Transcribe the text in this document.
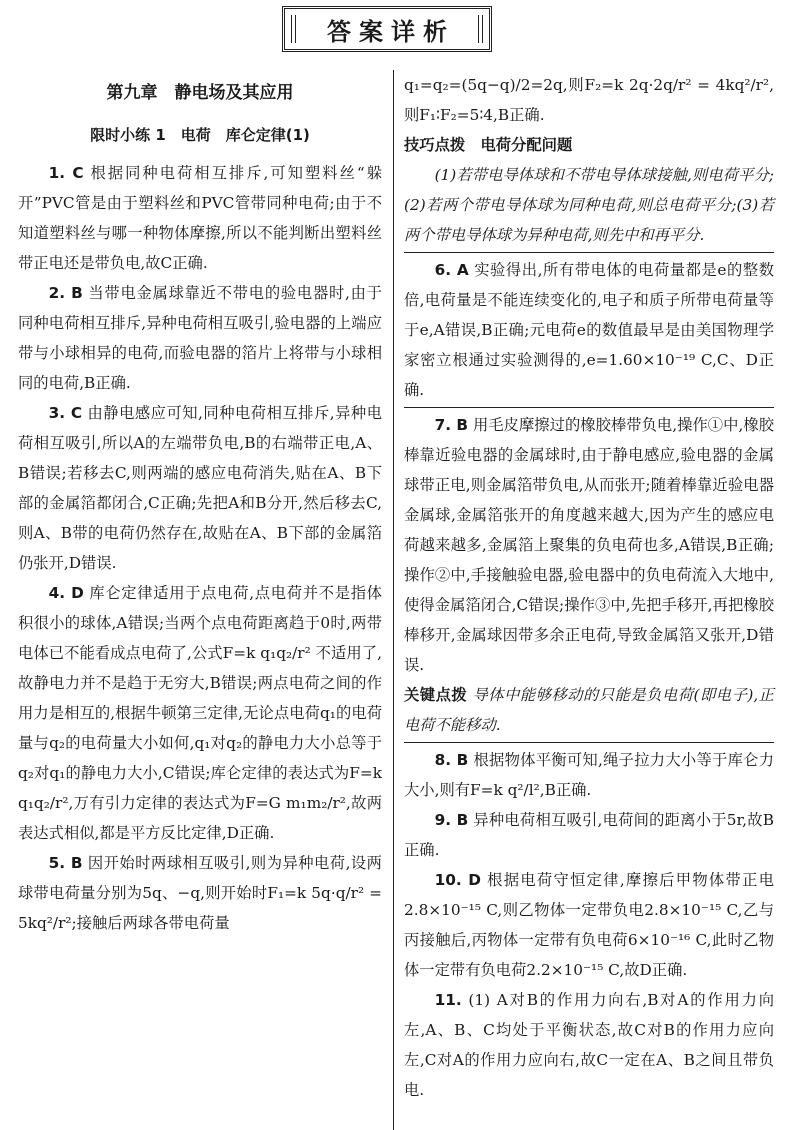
答案详析
第九章　静电场及其应用
限时小练 1　电荷　库仑定律(1)

1. C 根据同种电荷相互排斥,可知塑料丝“躲开”PVC管是由于塑料丝和PVC管带同种电荷;由于不知道塑料丝与哪一种物体摩擦,所以不能判断出塑料丝带正电还是带负电,故C正确.

2. B 当带电金属球靠近不带电的验电器时,由于同种电荷相互排斥,异种电荷相互吸引,验电器的上端应带与小球相异的电荷,而验电器的箔片上将带与小球相同的电荷,B正确.

3. C 由静电感应可知,同种电荷相互排斥,异种电荷相互吸引,所以A的左端带负电,B的右端带正电,A、B错误;若移去C,则两端的感应电荷消失,贴在A、B下部的金属箔都闭合,C正确;先把A和B分开,然后移去C,则A、B带的电荷仍然存在,故贴在A、B下部的金属箔仍张开,D错误.

4. D 库仑定律适用于点电荷,点电荷并不是指体积很小的球体,A错误;当两个点电荷距离趋于0时,两带电体已不能看成点电荷了,公式F=k q₁q₂/r² 不适用了,故静电力并不是趋于无穷大,B错误;两点电荷之间的作用力是相互的,根据牛顿第三定律,无论点电荷q₁的电荷量与q₂的电荷量大小如何,q₁对q₂的静电力大小总等于q₂对q₁的静电力大小,C错误;库仑定律的表达式为F=k q₁q₂/r²,万有引力定律的表达式为F=G m₁m₂/r²,故两表达式相似,都是平方反比定律,D正确.

5. B 因开始时两球相互吸引,则为异种电荷,设两球带电荷量分别为5q、−q,则开始时F₁=k 5q·q/r² = 5kq²/r²;接触后两球各带电荷量

q₁=q₂=(5q−q)/2=2q,则F₂=k 2q·2q/r² = 4kq²/r²,则F₁∶F₂=5∶4,B正确.

技巧点拨　电荷分配问题

(1)若带电导体球和不带电导体球接触,则电荷平分;(2)若两个带电导体球为同种电荷,则总电荷平分;(3)若两个带电导体球为异种电荷,则先中和再平分.

6. A 实验得出,所有带电体的电荷量都是e的整数倍,电荷量是不能连续变化的,电子和质子所带电荷量等于e,A错误,B正确;元电荷e的数值最早是由美国物理学家密立根通过实验测得的,e=1.60×10⁻¹⁹ C,C、D正确.

7. B 用毛皮摩擦过的橡胶棒带负电,操作①中,橡胶棒靠近验电器的金属球时,由于静电感应,验电器的金属球带正电,则金属箔带负电,从而张开;随着棒靠近验电器金属球,金属箔张开的角度越来越大,因为产生的感应电荷越来越多,金属箔上聚集的负电荷也多,A错误,B正确;操作②中,手接触验电器,验电器中的负电荷流入大地中,使得金属箔闭合,C错误;操作③中,先把手移开,再把橡胶棒移开,金属球因带多余正电荷,导致金属箔又张开,D错误.

关键点拨 导体中能够移动的只能是负电荷(即电子),正电荷不能移动.

8. B 根据物体平衡可知,绳子拉力大小等于库仑力大小,则有F=k q²/l²,B正确.

9. B 异种电荷相互吸引,电荷间的距离小于5r,故B正确.

10. D 根据电荷守恒定律,摩擦后甲物体带正电2.8×10⁻¹⁵ C,则乙物体一定带负电2.8×10⁻¹⁵ C,乙与丙接触后,丙物体一定带有负电荷6×10⁻¹⁶ C,此时乙物体一定带有负电荷2.2×10⁻¹⁵ C,故D正确.

11. (1) A对B的作用力向右,B对A的作用力向左,A、B、C均处于平衡状态,故C对B的作用力应向左,C对A的作用力应向右,故C一定在A、B之间且带负电.
